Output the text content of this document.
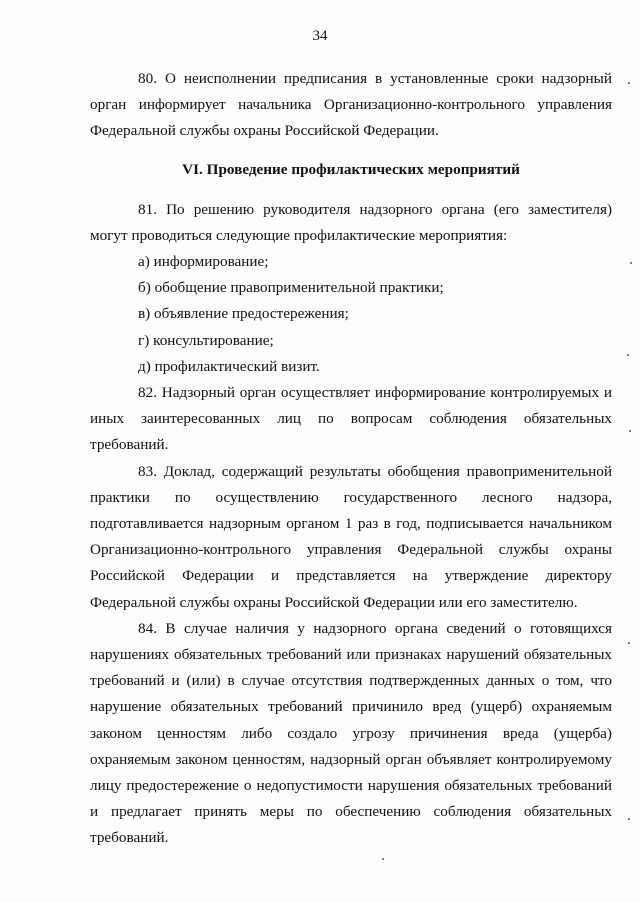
34

80. О неисполнении предписания в установленные сроки надзорный орган информирует начальника Организационно-контрольного управления Федеральной службы охраны Российской Федерации.

VI. Проведение профилактических мероприятий

81. По решению руководителя надзорного органа (его заместителя) могут проводиться следующие профилактические мероприятия:

а) информирование;

б) обобщение правоприменительной практики;

в) объявление предостережения;

г) консультирование;

д) профилактический визит.

82. Надзорный орган осуществляет информирование контролируемых и иных заинтересованных лиц по вопросам соблюдения обязательных требований.

83. Доклад, содержащий результаты обобщения правоприменительной практики по осуществлению государственного лесного надзора, подготавливается надзорным органом 1 раз в год, подписывается начальником Организационно-контрольного управления Федеральной службы охраны Российской Федерации и представляется на утверждение директору Федеральной службы охраны Российской Федерации или его заместителю.

84. В случае наличия у надзорного органа сведений о готовящихся нарушениях обязательных требований или признаках нарушений обязательных требований и (или) в случае отсутствия подтвержденных данных о том, что нарушение обязательных требований причинило вред (ущерб) охраняемым законом ценностям либо создало угрозу причинения вреда (ущерба) охраняемым законом ценностям, надзорный орган объявляет контролируемому лицу предостережение о недопустимости нарушения обязательных требований и предлагает принять меры по обеспечению соблюдения обязательных требований.
